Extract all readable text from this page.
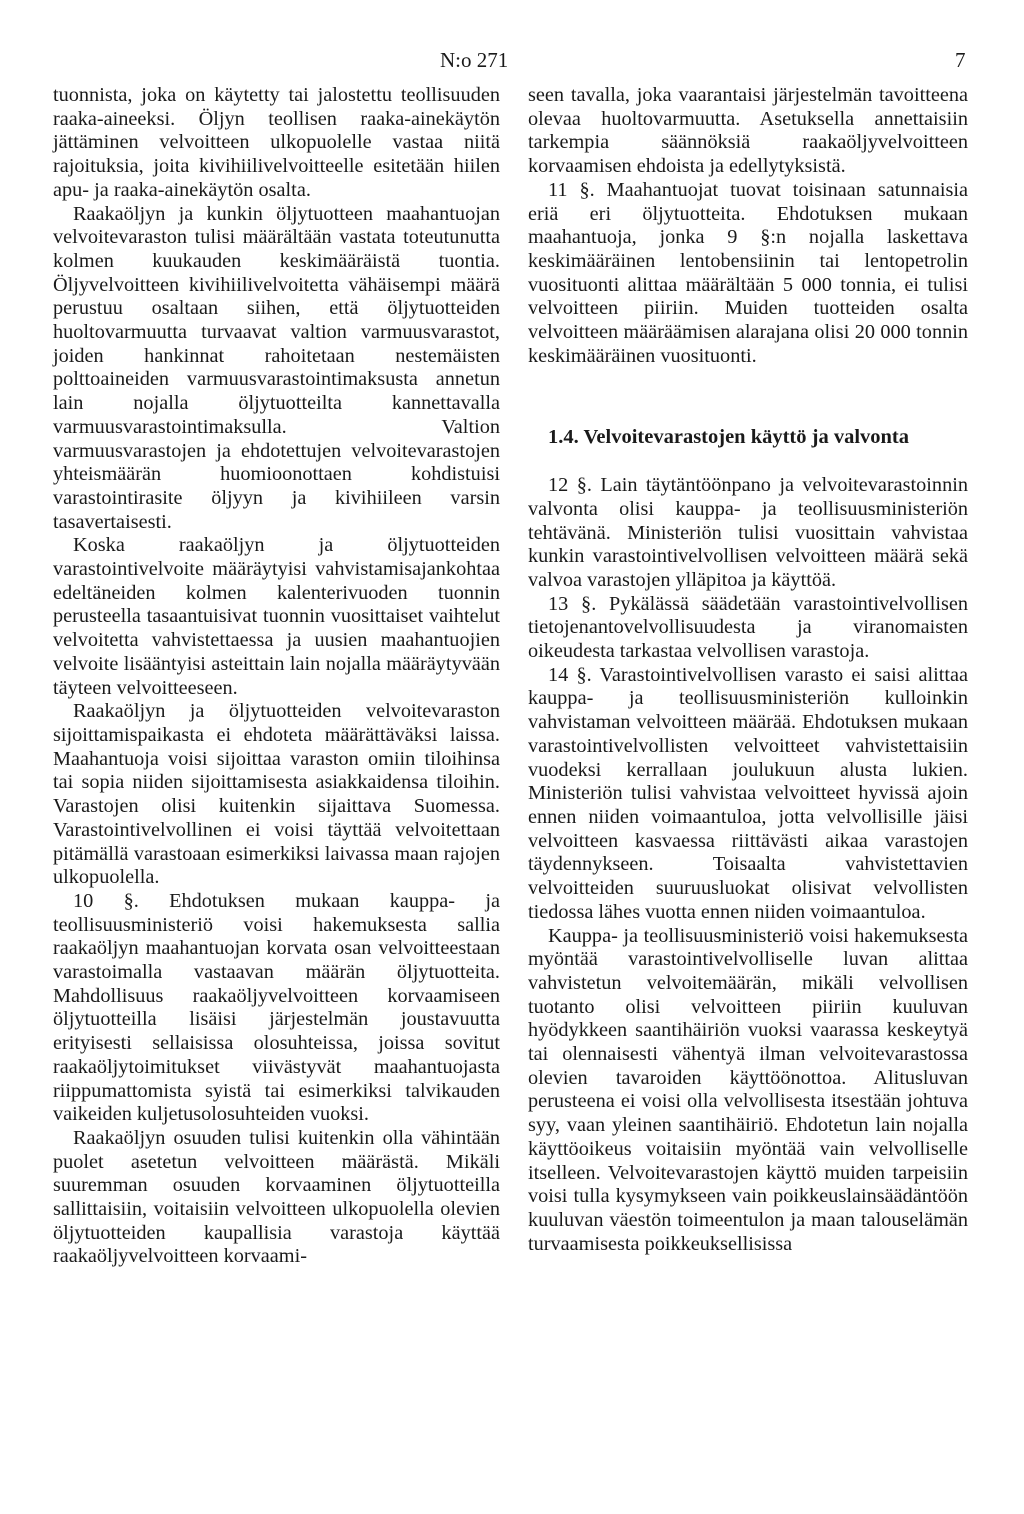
N:o 271	7

tuonnista, joka on käytetty tai jalostettu teollisuuden raaka-aineeksi. Öljyn teollisen raaka-ainekäytön jättäminen velvoitteen ulkopuolelle vastaa niitä rajoituksia, joita kivihiilivelvoitteelle esitetään hiilen apu- ja raaka-ainekäytön osalta.

Raakaöljyn ja kunkin öljytuotteen maahantuojan velvoitevaraston tulisi määrältään vastata toteutunutta kolmen kuukauden keskimääräistä tuontia. Öljyvelvoitteen kivihiilivelvoitetta vähäisempi määrä perustuu osaltaan siihen, että öljytuotteiden huoltovarmuutta turvaavat valtion varmuusvarastot, joiden hankinnat rahoitetaan nestemäisten polttoaineiden varmuusvarastointimaksusta annetun lain nojalla öljytuotteilta kannettavalla varmuusvarastointimaksulla. Valtion varmuusvarastojen ja ehdotettujen velvoitevarastojen yhteismäärän huomioonottaen kohdistuisi varastointirasite öljyyn ja kivihiileen varsin tasavertaisesti.

Koska raakaöljyn ja öljytuotteiden varastointivelvoite määräytyisi vahvistamisajankohtaa edeltäneiden kolmen kalenterivuoden tuonnin perusteella tasaantuisivat tuonnin vuosittaiset vaihtelut velvoitetta vahvistettaessa ja uusien maahantuojien velvoite lisääntyisi asteittain lain nojalla määräytyvään täyteen velvoitteeseen.

Raakaöljyn ja öljytuotteiden velvoitevaraston sijoittamispaikasta ei ehdoteta määrättäväksi laissa. Maahantuoja voisi sijoittaa varaston omiin tiloihinsa tai sopia niiden sijoittamisesta asiakkaidensa tiloihin. Varastojen olisi kuitenkin sijaittava Suomessa. Varastointivelvollinen ei voisi täyttää velvoitettaan pitämällä varastoaan esimerkiksi laivassa maan rajojen ulkopuolella.

10 §. Ehdotuksen mukaan kauppa- ja teollisuusministeriö voisi hakemuksesta sallia raakaöljyn maahantuojan korvata osan velvoitteestaan varastoimalla vastaavan määrän öljytuotteita. Mahdollisuus raakaöljyvelvoitteen korvaamiseen öljytuotteilla lisäisi järjestelmän joustavuutta erityisesti sellaisissa olosuhteissa, joissa sovitut raakaöljytoimitukset viivästyvät maahantuojasta riippumattomista syistä tai esimerkiksi talvikauden vaikeiden kuljetusolosuhteiden vuoksi.

Raakaöljyn osuuden tulisi kuitenkin olla vähintään puolet asetetun velvoitteen määrästä. Mikäli suuremman osuuden korvaaminen öljytuotteilla sallittaisiin, voitaisiin velvoitteen ulkopuolella olevien öljytuotteiden kaupallisia varastoja käyttää raakaöljyvelvoitteen korvaami-

seen tavalla, joka vaarantaisi järjestelmän tavoitteena olevaa huoltovarmuutta. Asetuksella annettaisiin tarkempia säännöksiä raakaöljyvelvoitteen korvaamisen ehdoista ja edellytyksistä.

11 §. Maahantuojat tuovat toisinaan satunnaisia eriä eri öljytuotteita. Ehdotuksen mukaan maahantuoja, jonka 9 §:n nojalla laskettava keskimääräinen lentobensiinin tai lentopetrolin vuosituonti alittaa määrältään 5 000 tonnia, ei tulisi velvoitteen piiriin. Muiden tuotteiden osalta velvoitteen määräämisen alarajana olisi 20 000 tonnin keskimääräinen vuosituonti.

1.4. Velvoitevarastojen käyttö ja valvonta

12 §. Lain täytäntöönpano ja velvoitevarastoinnin valvonta olisi kauppa- ja teollisuusministeriön tehtävänä. Ministeriön tulisi vuosittain vahvistaa kunkin varastointivelvollisen velvoitteen määrä sekä valvoa varastojen ylläpitoa ja käyttöä.

13 §. Pykälässä säädetään varastointivelvollisen tietojenantovelvollisuudesta ja viranomaisten oikeudesta tarkastaa velvollisen varastoja.

14 §. Varastointivelvollisen varasto ei saisi alittaa kauppa- ja teollisuusministeriön kulloinkin vahvistaman velvoitteen määrää. Ehdotuksen mukaan varastointivelvollisten velvoitteet vahvistettaisiin vuodeksi kerrallaan joulukuun alusta lukien. Ministeriön tulisi vahvistaa velvoitteet hyvissä ajoin ennen niiden voimaantuloa, jotta velvollisille jäisi velvoitteen kasvaessa riittävästi aikaa varastojen täydennykseen. Toisaalta vahvistettavien velvoitteiden suuruusluokat olisivat velvollisten tiedossa lähes vuotta ennen niiden voimaantuloa.

Kauppa- ja teollisuusministeriö voisi hakemuksesta myöntää varastointivelvolliselle luvan alittaa vahvistetun velvoitemäärän, mikäli velvollisen tuotanto olisi velvoitteen piiriin kuuluvan hyödykkeen saantihäiriön vuoksi vaarassa keskeytyä tai olennaisesti vähentyä ilman velvoitevarastossa olevien tavaroiden käyttöönottoa. Alitusluvan perusteena ei voisi olla velvollisesta itsestään johtuva syy, vaan yleinen saantihäiriö. Ehdotetun lain nojalla käyttöoikeus voitaisiin myöntää vain velvolliselle itselleen. Velvoitevarastojen käyttö muiden tarpeisiin voisi tulla kysymykseen vain poikkeuslainsäädäntöön kuuluvan väestön toimeentulon ja maan talouselämän turvaamisesta poikkeuksellisissa
